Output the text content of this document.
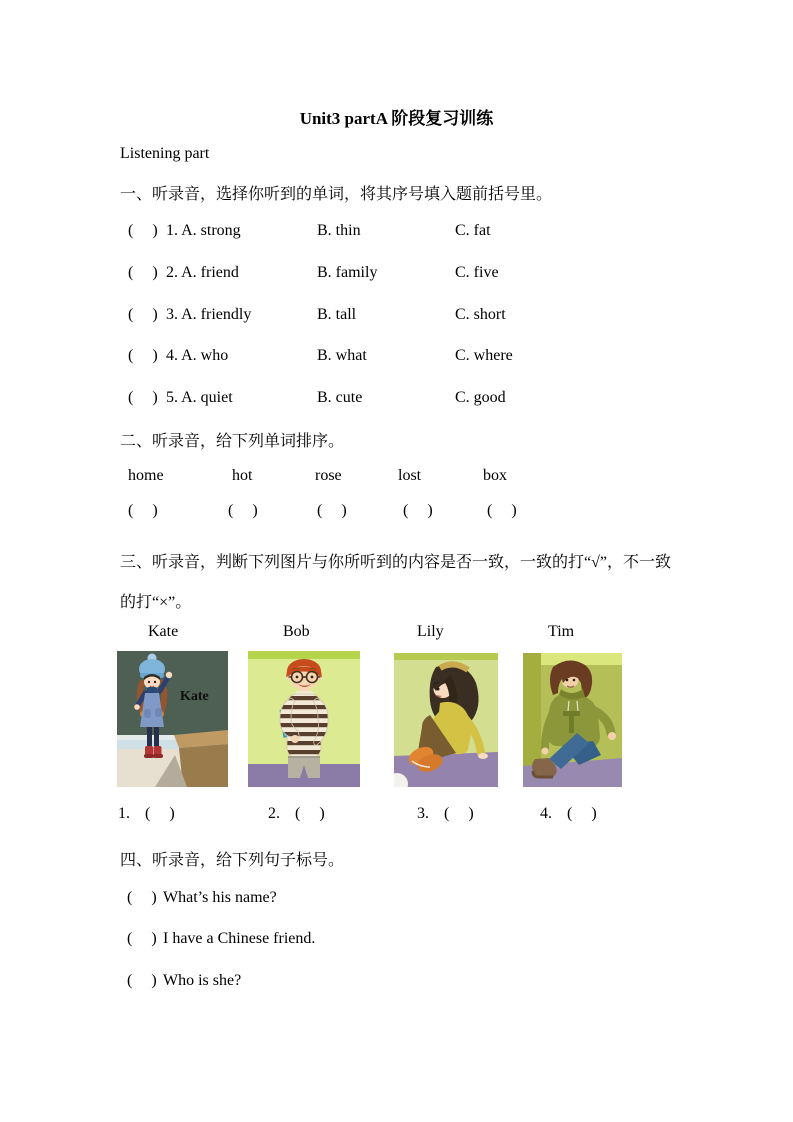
Unit3 partA 阶段复习训练
Listening part
一、听录音，选择你听到的单词，将其序号填入题前括号里。
( ) 1. A. strong	B. thin	C. fat
( ) 2. A. friend	B. family	C. five
( ) 3. A. friendly	B. tall	C. short
( ) 4. A. who	B. what	C. where
( ) 5. A. quiet	B. cute	C. good
二、听录音，给下列单词排序。
home	hot	rose	lost	box
( )	( )	( )	( )	( )
三、听录音，判断下列图片与你所听到的内容是否一致，一致的打“√”，不一致
的打“×”。
Kate	Bob	Lily	Tim
Kate
1. ( )	2. ( )	3. ( )	4. ( )
四、听录音，给下列句子标号。
( ) What’s his name?
( ) I have a Chinese friend.
( ) Who is she?
